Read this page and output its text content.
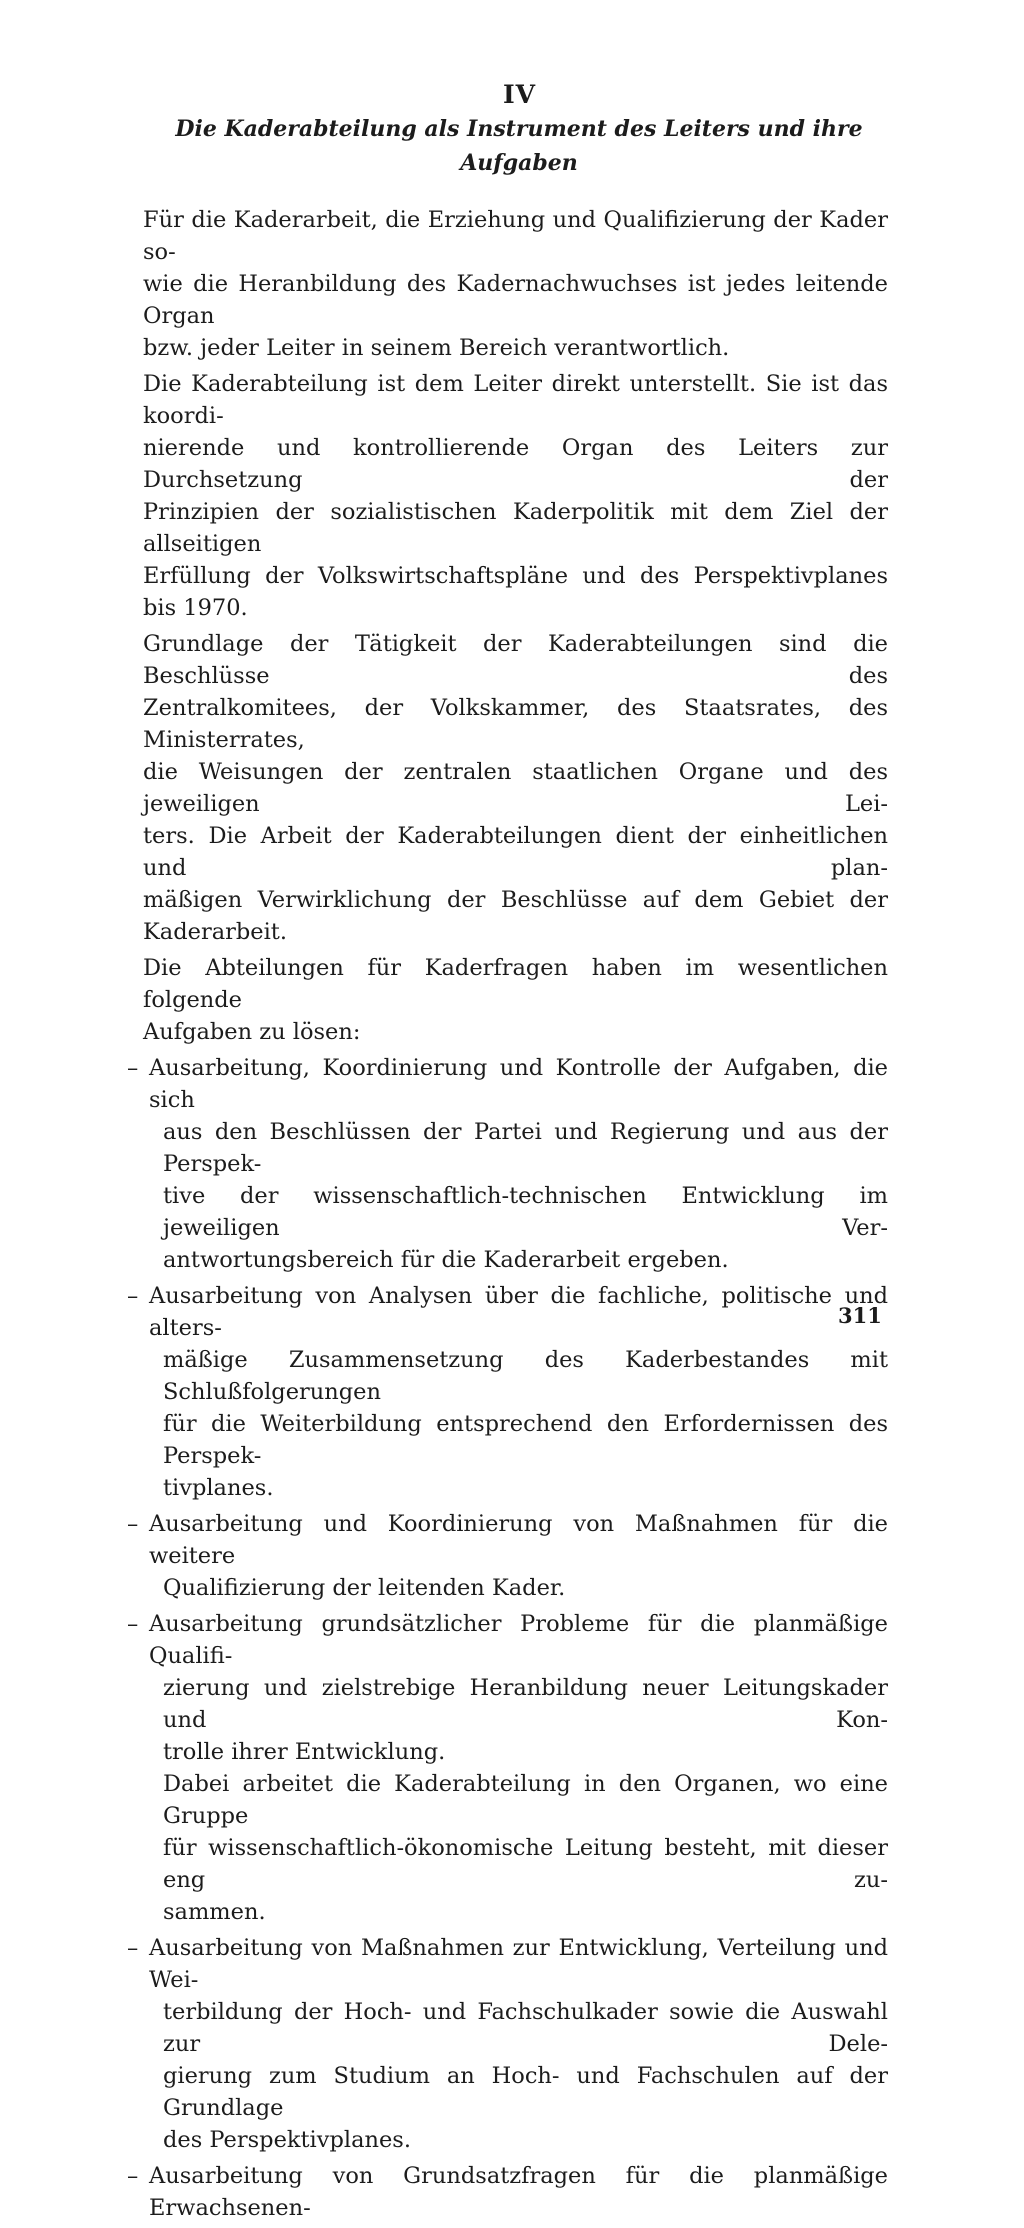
IV
Die Kaderabteilung als Instrument des Leiters und ihre Aufgaben

Für die Kaderarbeit, die Erziehung und Qualifizierung der Kader so-
wie die Heranbildung des Kadernachwuchses ist jedes leitende Organ
bzw. jeder Leiter in seinem Bereich verantwortlich.

Die Kaderabteilung ist dem Leiter direkt unterstellt. Sie ist das koordi-
nierende und kontrollierende Organ des Leiters zur Durchsetzung der
Prinzipien der sozialistischen Kaderpolitik mit dem Ziel der allseitigen
Erfüllung der Volkswirtschaftspläne und des Perspektivplanes bis 1970.

Grundlage der Tätigkeit der Kaderabteilungen sind die Beschlüsse des
Zentralkomitees, der Volkskammer, des Staatsrates, des Ministerrates,
die Weisungen der zentralen staatlichen Organe und des jeweiligen Lei-
ters. Die Arbeit der Kaderabteilungen dient der einheitlichen und plan-
mäßigen Verwirklichung der Beschlüsse auf dem Gebiet der Kaderarbeit.

Die Abteilungen für Kaderfragen haben im wesentlichen folgende
Aufgaben zu lösen:

– Ausarbeitung, Koordinierung und Kontrolle der Aufgaben, die sich
aus den Beschlüssen der Partei und Regierung und aus der Perspek-
tive der wissenschaftlich-technischen Entwicklung im jeweiligen Ver-
antwortungsbereich für die Kaderarbeit ergeben.
– Ausarbeitung von Analysen über die fachliche, politische und alters-
mäßige Zusammensetzung des Kaderbestandes mit Schlußfolgerungen
für die Weiterbildung entsprechend den Erfordernissen des Perspek-
tivplanes.
– Ausarbeitung und Koordinierung von Maßnahmen für die weitere
Qualifizierung der leitenden Kader.
– Ausarbeitung grundsätzlicher Probleme für die planmäßige Qualifi-
zierung und zielstrebige Heranbildung neuer Leitungskader und Kon-
trolle ihrer Entwicklung.
Dabei arbeitet die Kaderabteilung in den Organen, wo eine Gruppe
für wissenschaftlich-ökonomische Leitung besteht, mit dieser eng zu-
sammen.
– Ausarbeitung von Maßnahmen zur Entwicklung, Verteilung und Wei-
terbildung der Hoch- und Fachschulkader sowie die Auswahl zur Dele-
gierung zum Studium an Hoch- und Fachschulen auf der Grundlage
des Perspektivplanes.
– Ausarbeitung von Grundsatzfragen für die planmäßige Erwachsenen-
311
